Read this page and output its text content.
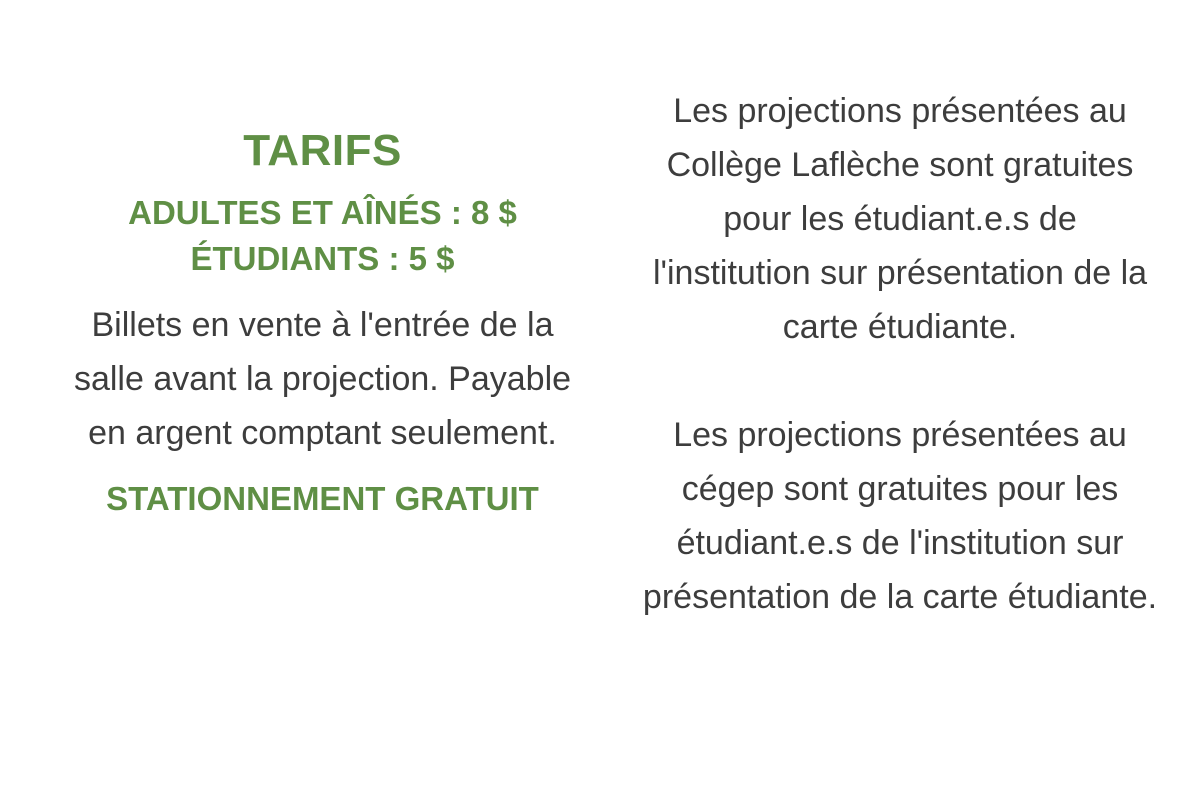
TARIFS
ADULTES ET AÎNÉS : 8 $
ÉTUDIANTS : 5 $
Billets en vente à l'entrée de la salle avant la projection. Payable en argent comptant seulement.
STATIONNEMENT GRATUIT

Les projections présentées au Collège Laflèche sont gratuites pour les étudiant.e.s de l'institution sur présentation de la carte étudiante.

Les projections présentées au cégep sont gratuites pour les étudiant.e.s de l'institution sur présentation de la carte étudiante.
